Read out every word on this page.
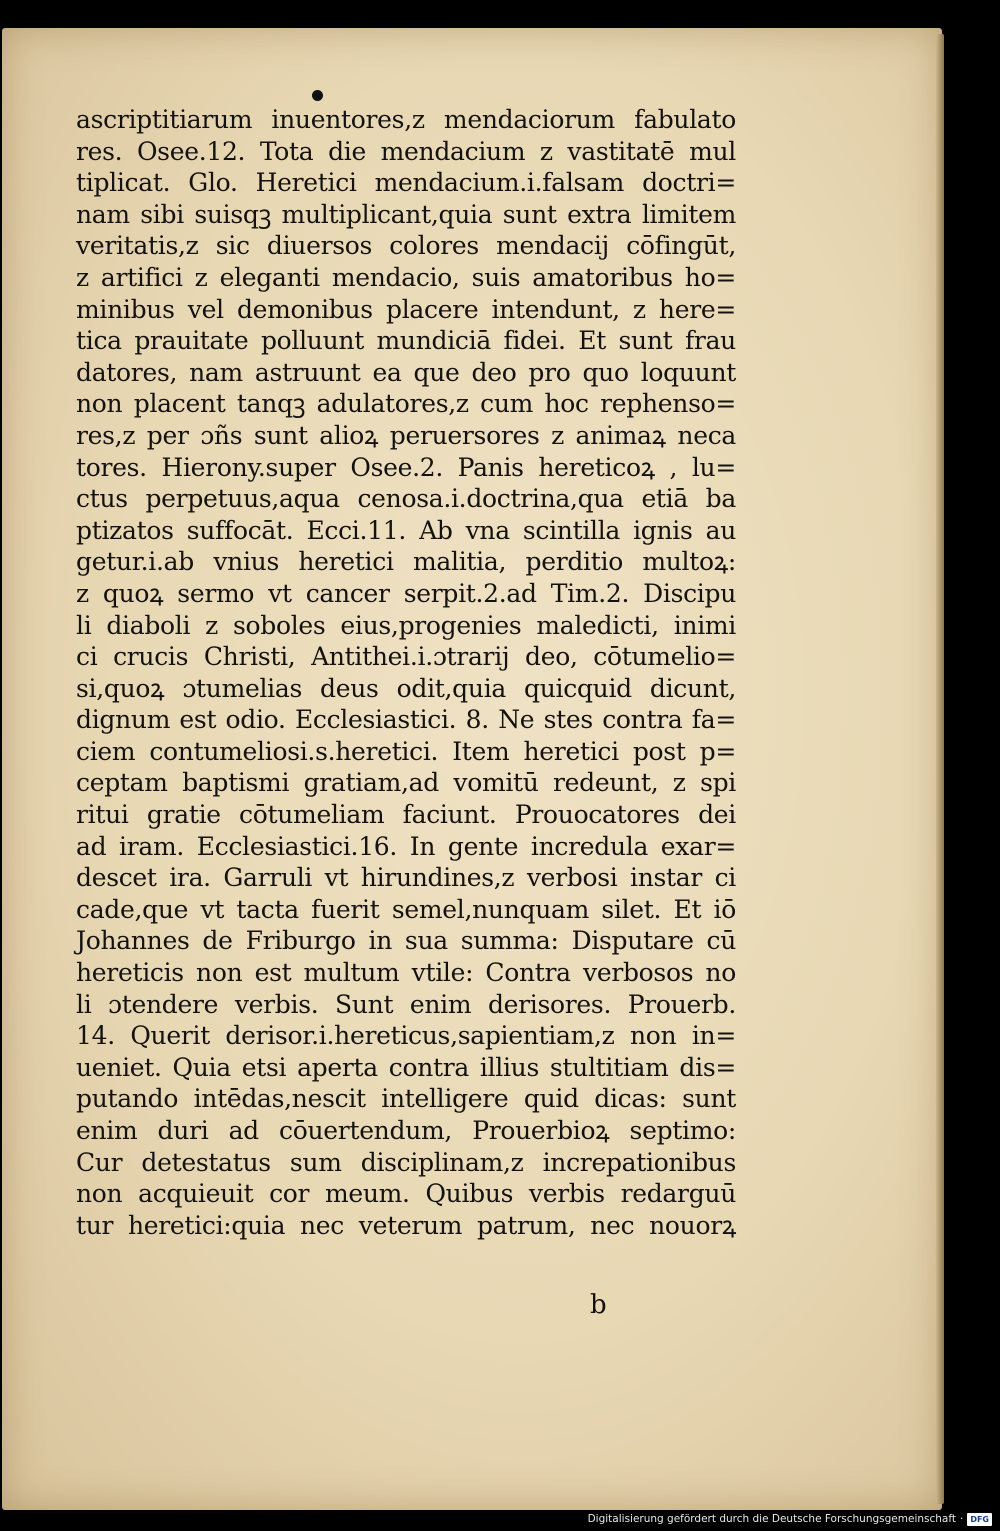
ascriptitiarum inuentores,z mendaciorum fabulato
res. Osee.12. Tota die mendacium z vastitatē mul
tiplicat. Glo. Heretici mendacium.i.falsam doctri=
nam sibi suisqꝫ multiplicant,quia sunt extra limitem
veritatis,z sic diuersos colores mendacij cōfingūt,
z artifici z eleganti mendacio, suis amatoribus ho=
minibus vel demonibus placere intendunt, z here=
tica prauitate polluunt mundiciā fidei. Et sunt frau
datores, nam astruunt ea que deo pro quo loquunt
non placent tanqꝫ adulatores,z cum hoc rephenso=
res,z per ɔñs sunt alioꝝ peruersores z animaꝝ neca
tores. Hierony.super Osee.2. Panis hereticoꝝ , lu=
ctus perpetuus,aqua cenosa.i.doctrina,qua etiā ba
ptizatos suffocāt. Ecci.11. Ab vna scintilla ignis au
getur.i.ab vnius heretici malitia, perditio multoꝝ:
z quoꝝ sermo vt cancer serpit.2.ad Tim.2. Discipu
li diaboli z soboles eius,progenies maledicti, inimi
ci crucis Christi, Antithei.i.ɔtrarij deo, cōtumelio=
si,quoꝝ ɔtumelias deus odit,quia quicquid dicunt,
dignum est odio. Ecclesiastici. 8. Ne stes contra fa=
ciem contumeliosi.s.heretici. Item heretici post p=
ceptam baptismi gratiam,ad vomitū redeunt, z spi
ritui gratie cōtumeliam faciunt. Prouocatores dei
ad iram. Ecclesiastici.16. In gente incredula exar=
descet ira. Garruli vt hirundines,z verbosi instar ci
cade,que vt tacta fuerit semel,nunquam silet. Et iō
Johannes de Friburgo in sua summa: Disputare cū
hereticis non est multum vtile: Contra verbosos no
li ɔtendere verbis. Sunt enim derisores. Prouerb.
14. Querit derisor.i.hereticus,sapientiam,z non in=
ueniet. Quia etsi aperta contra illius stultitiam dis=
putando intēdas,nescit intelligere quid dicas: sunt
enim duri ad cōuertendum, Prouerbioꝝ septimo:
Cur detestatus sum disciplinam,z increpationibus
non acquieuit cor meum. Quibus verbis redarguū
tur heretici:quia nec veterum patrum, nec nouorꝝ
b
Digitalisierung gefördert durch die Deutsche Forschungsgemeinschaft · DFG
